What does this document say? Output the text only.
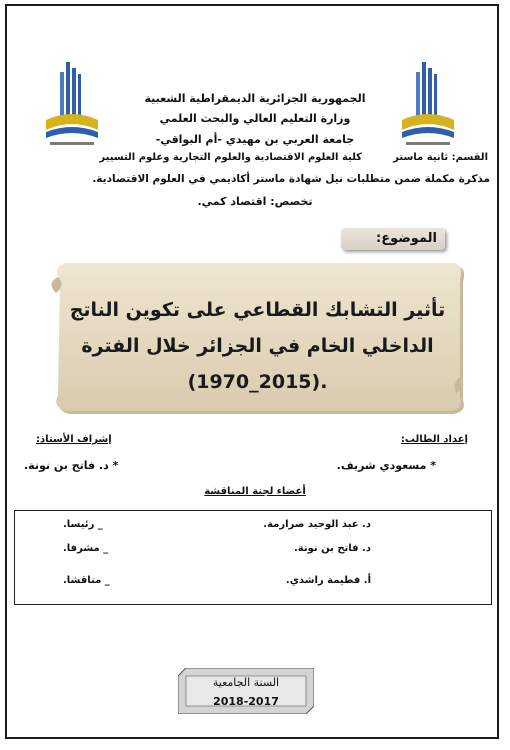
الجمهورية الجزائرية الديمقراطية الشعبية
وزارة التعليم العالي والبحث العلمي
جامعة العربي بن مهيدي -أم البواقي-
القسم: ثانية ماستر
كلية العلوم الاقتصادية والعلوم التجارية وعلوم التسيير
مذكرة مكملة ضمن متطلبات نيل شهادة ماستر أكاديمي في العلوم الاقتصادية.
تخصص: اقتصاد كمي.
الموضوع:
تأثير التشابك القطاعي على تكوين الناتج
الداخلي الخام في الجزائر خلال الفترة
(1970_2015).
إعداد الطالب:
إشراف الأستاذ:
* مسعودي شريف.
* د. فاتح بن نونة.
أعضاء لجنة المناقشة
د. عبد الوحيد صرارمة.
_ رئيسا.
د. فاتح بن نونة.
_ مشرفا.
أ. فطيمة راشدي.
_ مناقشا.
السنة الجامعية
2018-2017
